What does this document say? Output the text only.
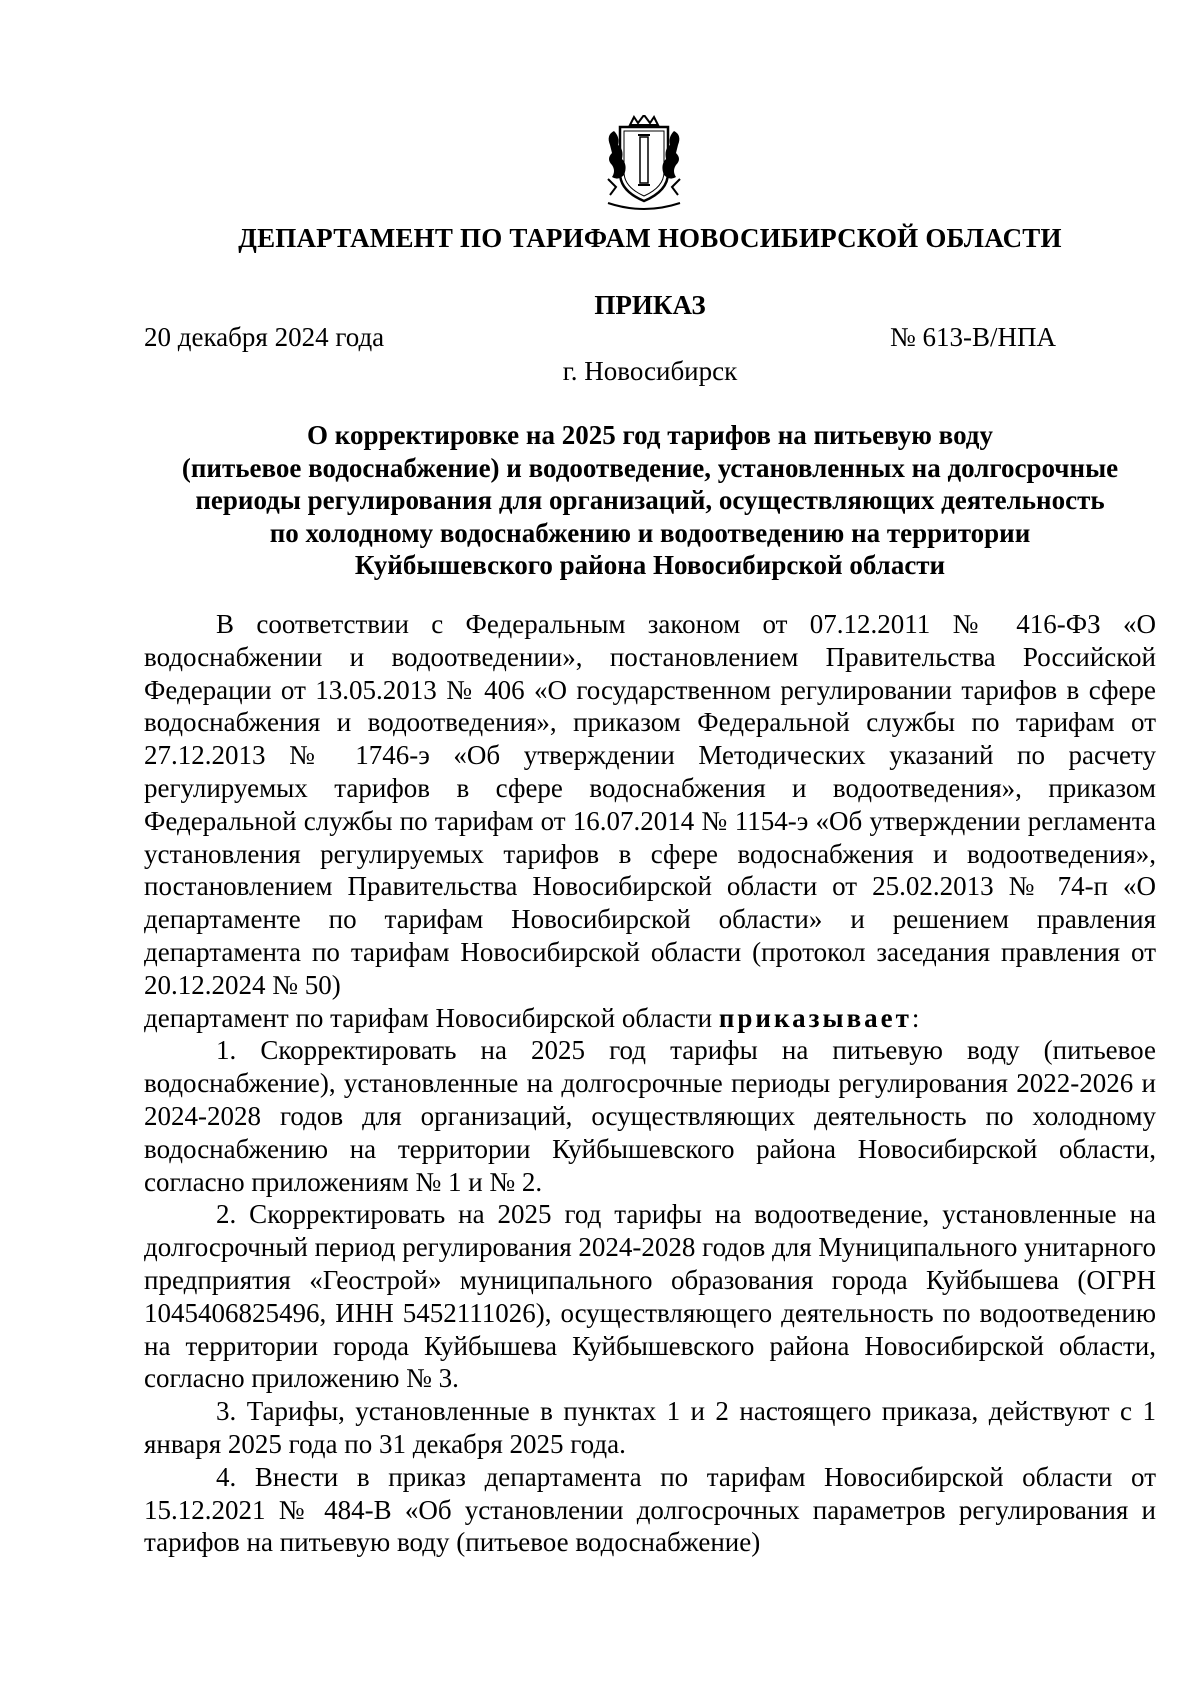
ДЕПАРТАМЕНТ ПО ТАРИФАМ НОВОСИБИРСКОЙ ОБЛАСТИ
ПРИКАЗ
20 декабря 2024 года	№ 613-В/НПА
г. Новосибирск
О корректировке на 2025 год тарифов на питьевую воду
(питьевое водоснабжение) и водоотведение, установленных на долгосрочные
периоды регулирования для организаций, осуществляющих деятельность
по холодному водоснабжению и водоотведению на территории
Куйбышевского района Новосибирской области

В соответствии с Федеральным законом от 07.12.2011 № 416-ФЗ «О водоснабжении и водоотведении», постановлением Правительства Российской Федерации от 13.05.2013 № 406 «О государственном регулировании тарифов в сфере водоснабжения и водоотведения», приказом Федеральной службы по тарифам от 27.12.2013 № 1746-э «Об утверждении Методических указаний по расчету регулируемых тарифов в сфере водоснабжения и водоотведения», приказом Федеральной службы по тарифам от 16.07.2014 № 1154-э «Об утверждении регламента установления регулируемых тарифов в сфере водоснабжения и водоотведения», постановлением Правительства Новосибирской области от 25.02.2013 № 74-п «О департаменте по тарифам Новосибирской области» и решением правления департамента по тарифам Новосибирской области (протокол заседания правления от 20.12.2024 № 50)

департамент по тарифам Новосибирской области приказывает:

1. Скорректировать на 2025 год тарифы на питьевую воду (питьевое водоснабжение), установленные на долгосрочные периоды регулирования 2022-2026 и 2024-2028 годов для организаций, осуществляющих деятельность по холодному водоснабжению на территории Куйбышевского района Новосибирской области, согласно приложениям № 1 и № 2.

2. Скорректировать на 2025 год тарифы на водоотведение, установленные на долгосрочный период регулирования 2024-2028 годов для Муниципального унитарного предприятия «Геострой» муниципального образования города Куйбышева (ОГРН 1045406825496, ИНН 5452111026), осуществляющего деятельность по водоотведению на территории города Куйбышева Куйбышевского района Новосибирской области, согласно приложению № 3.

3. Тарифы, установленные в пунктах 1 и 2 настоящего приказа, действуют с 1 января 2025 года по 31 декабря 2025 года.

4. Внести в приказ департамента по тарифам Новосибирской области от 15.12.2021 № 484-В «Об установлении долгосрочных параметров регулирования и тарифов на питьевую воду (питьевое водоснабжение)
